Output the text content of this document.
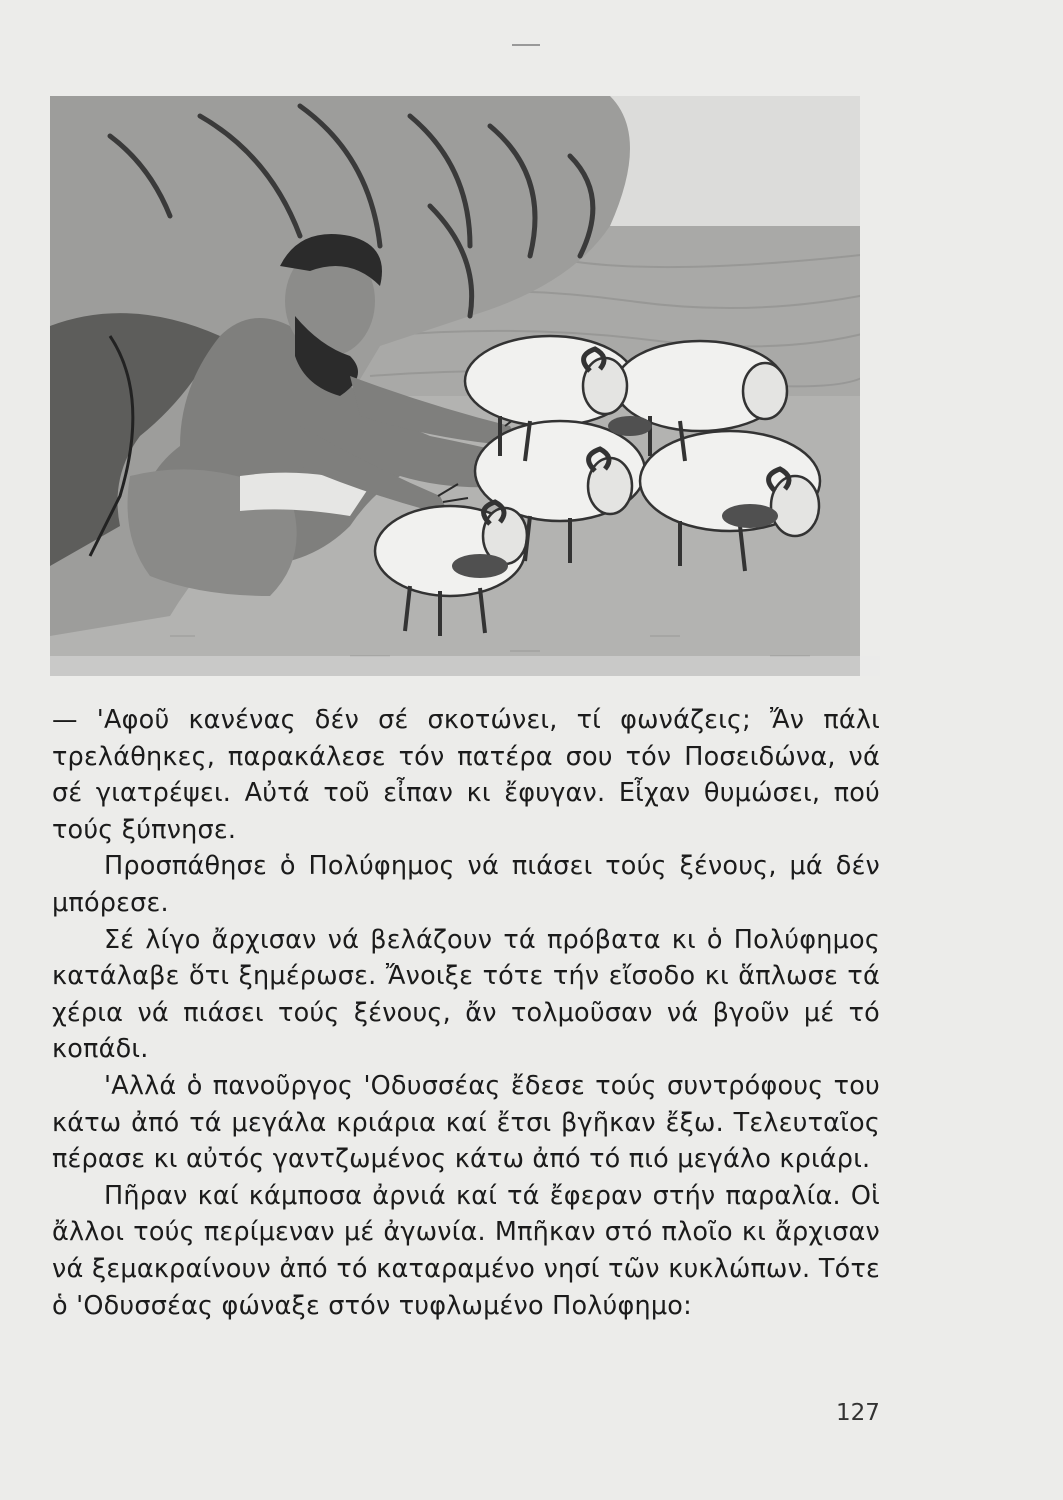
— 'Αφοῦ κανένας δέν σέ σκοτώνει, τί φωνάζεις; Ἄν πάλι τρελάθηκες, παρακάλεσε τόν πατέρα σου τόν Ποσειδώνα, νά σέ γιατρέψει. Αὐτά τοῦ εἶπαν κι ἔφυγαν. Εἶχαν θυμώσει, πού τούς ξύπνησε.

Προσπάθησε ὁ Πολύφημος νά πιάσει τούς ξένους, μά δέν μπόρεσε.

Σέ λίγο ἄρχισαν νά βελάζουν τά πρόβατα κι ὁ Πολύφημος κατάλαβε ὅτι ξημέρωσε. Ἄνοιξε τότε τήν εἴσοδο κι ἅπλωσε τά χέρια νά πιάσει τούς ξένους, ἄν τολμοῦσαν νά βγοῦν μέ τό κοπάδι.

'Αλλά ὁ πανοῦργος 'Οδυσσέας ἔδεσε τούς συντρόφους του κάτω ἀπό τά μεγάλα κριάρια καί ἔτσι βγῆκαν ἔξω. Τελευταῖος πέρασε κι αὐτός γαντζωμένος κάτω ἀπό τό πιό μεγάλο κριάρι.

Πῆραν καί κάμποσα ἀρνιά καί τά ἔφεραν στήν παραλία. Οἱ ἄλλοι τούς περίμεναν μέ ἀγωνία. Μπῆκαν στό πλοῖο κι ἄρχισαν νά ξεμακραίνουν ἀπό τό καταραμένο νησί τῶν κυκλώπων. Τότε ὁ 'Οδυσσέας φώναξε στόν τυφλωμένο Πολύφημο:

127
